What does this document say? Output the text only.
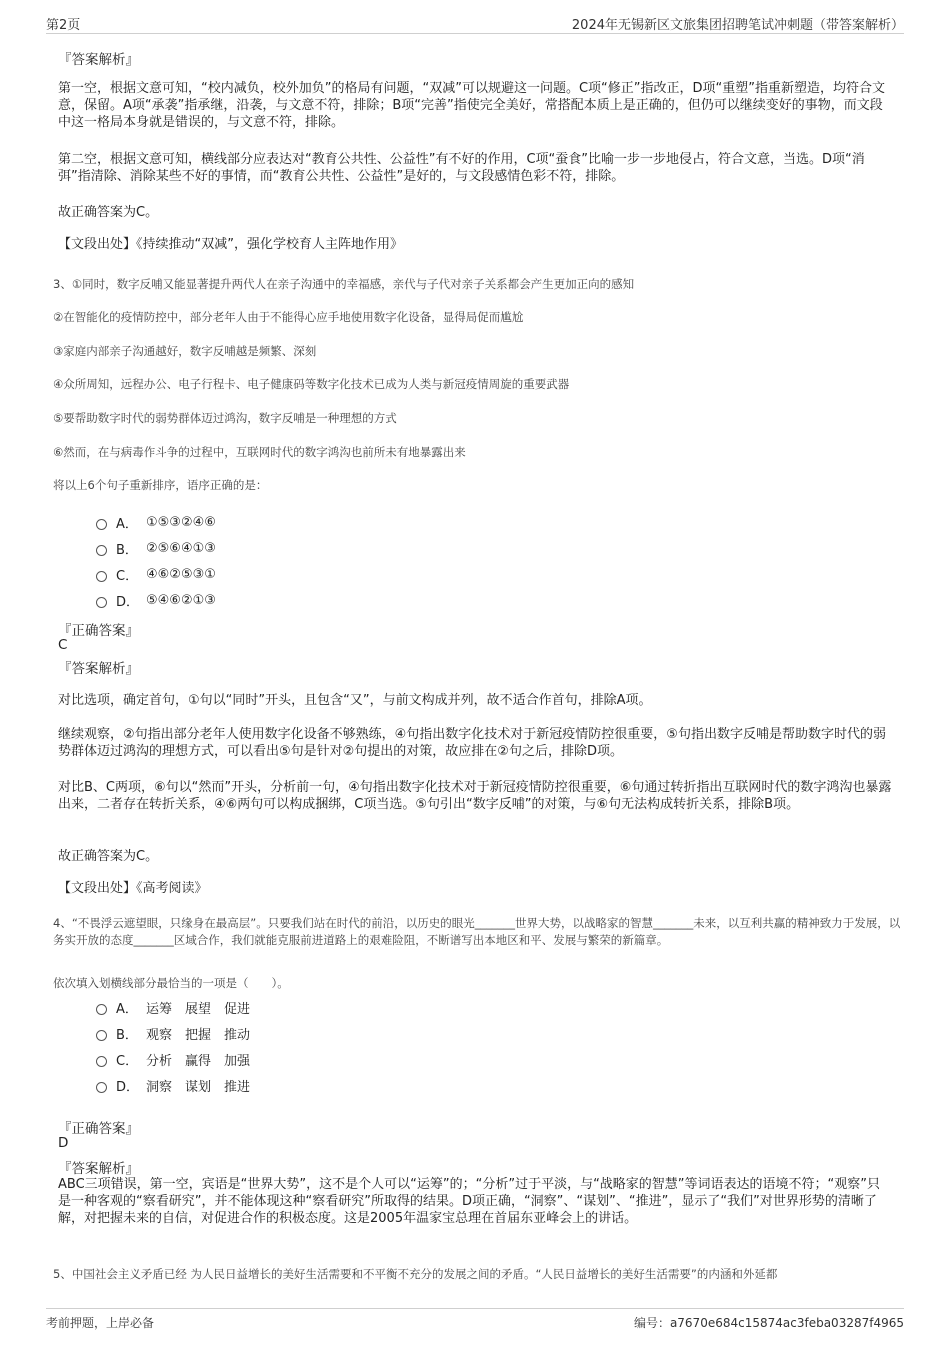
第2页	2024年无锡新区文旅集团招聘笔试冲刺题（带答案解析）
『答案解析』
第一空，根据文意可知，“校内减负，校外加负”的格局有问题，“双减”可以规避这一问题。C项“修正”指改正，D项“重塑”指重新塑造，均符合文意，保留。A项“承袭”指承继，沿袭，与文意不符，排除；B项“完善”指使完全美好，常搭配本质上是正确的，但仍可以继续变好的事物，而文段中这一格局本身就是错误的，与文意不符，排除。
第二空，根据文意可知，横线部分应表达对“教育公共性、公益性”有不好的作用，C项“蚕食”比喻一步一步地侵占，符合文意，当选。D项“消弭”指清除、消除某些不好的事情，而“教育公共性、公益性”是好的，与文段感情色彩不符，排除。
故正确答案为C。
【文段出处】《持续推动“双减”，强化学校育人主阵地作用》
3、①同时，数字反哺又能显著提升两代人在亲子沟通中的幸福感，亲代与子代对亲子关系都会产生更加正向的感知
②在智能化的疫情防控中，部分老年人由于不能得心应手地使用数字化设备，显得局促而尴尬
③家庭内部亲子沟通越好，数字反哺越是频繁、深刻
④众所周知，远程办公、电子行程卡、电子健康码等数字化技术已成为人类与新冠疫情周旋的重要武器
⑤要帮助数字时代的弱势群体迈过鸿沟，数字反哺是一种理想的方式
⑥然而，在与病毒作斗争的过程中，互联网时代的数字鸿沟也前所未有地暴露出来
将以上6个句子重新排序，语序正确的是：
A． ①⑤③②④⑥
B． ②⑤⑥④①③
C． ④⑥②⑤③①
D． ⑤④⑥②①③
『正确答案』
C
『答案解析』
对比选项，确定首句，①句以“同时”开头，且包含“又”，与前文构成并列，故不适合作首句，排除A项。
继续观察，②句指出部分老年人使用数字化设备不够熟练，④句指出数字化技术对于新冠疫情防控很重要，⑤句指出数字反哺是帮助数字时代的弱势群体迈过鸿沟的理想方式，可以看出⑤句是针对②句提出的对策，故应排在②句之后，排除D项。
对比B、C两项，⑥句以“然而”开头，分析前一句，④句指出数字化技术对于新冠疫情防控很重要，⑥句通过转折指出互联网时代的数字鸿沟也暴露出来，二者存在转折关系，④⑥两句可以构成捆绑，C项当选。⑤句引出“数字反哺”的对策，与⑥句无法构成转折关系，排除B项。
故正确答案为C。
【文段出处】《高考阅读》
4、“不畏浮云遮望眼，只缘身在最高层”。只要我们站在时代的前沿，以历史的眼光_______世界大势，以战略家的智慧_______未来，以互利共赢的精神致力于发展，以务实开放的态度_______区域合作，我们就能克服前进道路上的艰难险阻，不断谱写出本地区和平、发展与繁荣的新篇章。
依次填入划横线部分最恰当的一项是（　　）。
A． 运筹　展望　促进
B． 观察　把握　推动
C． 分析　赢得　加强
D． 洞察　谋划　推进
『正确答案』
D
『答案解析』
ABC三项错误，第一空，宾语是“世界大势”，这不是个人可以“运筹”的；“分析”过于平淡，与“战略家的智慧”等词语表达的语境不符；“观察”只是一种客观的“察看研究”，并不能体现这种“察看研究”所取得的结果。D项正确，“洞察”、“谋划”、“推进”，显示了“我们”对世界形势的清晰了解，对把握未来的自信，对促进合作的积极态度。这是2005年温家宝总理在首届东亚峰会上的讲话。
5、中国社会主义矛盾已经 为人民日益增长的美好生活需要和不平衡不充分的发展之间的矛盾。“人民日益增长的美好生活需要”的内涵和外延都
考前押题，上岸必备	编号：a7670e684c15874ac3feba03287f4965
